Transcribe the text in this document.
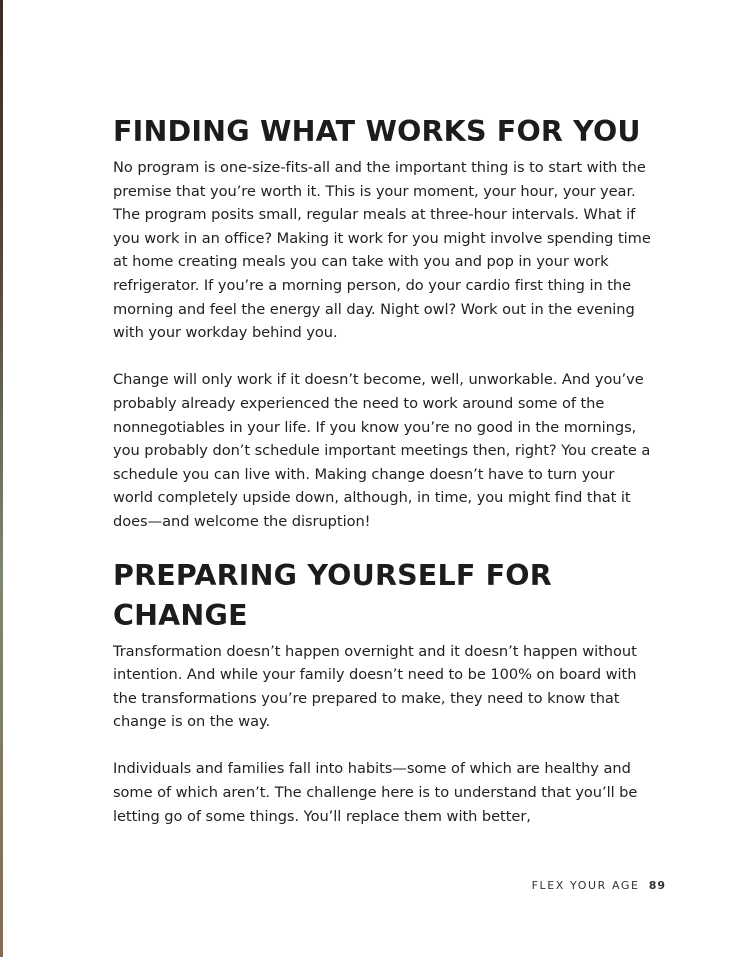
FINDING WHAT WORKS FOR YOU

No program is one-size-fits-all and the important thing is to start with the premise that you’re worth it. This is your moment, your hour, your year. The program posits small, regular meals at three-hour intervals. What if you work in an office? Making it work for you might involve spending time at home creating meals you can take with you and pop in your work refrigerator. If you’re a morning person, do your cardio first thing in the morning and feel the energy all day. Night owl? Work out in the evening with your workday behind you.

Change will only work if it doesn’t become, well, unworkable. And you’ve probably already experienced the need to work around some of the nonnegotiables in your life. If you know you’re no good in the mornings, you probably don’t schedule important meetings then, right? You create a schedule you can live with. Making change doesn’t have to turn your world completely upside down, although, in time, you might find that it does—and welcome the disruption!

PREPARING YOURSELF FOR CHANGE

Transformation doesn’t happen overnight and it doesn’t happen without intention. And while your family doesn’t need to be 100% on board with the transformations you’re prepared to make, they need to know that change is on the way.

Individuals and families fall into habits—some of which are healthy and some of which aren’t. The challenge here is to understand that you’ll be letting go of some things. You’ll replace them with better,

FLEX YOUR AGE 89
